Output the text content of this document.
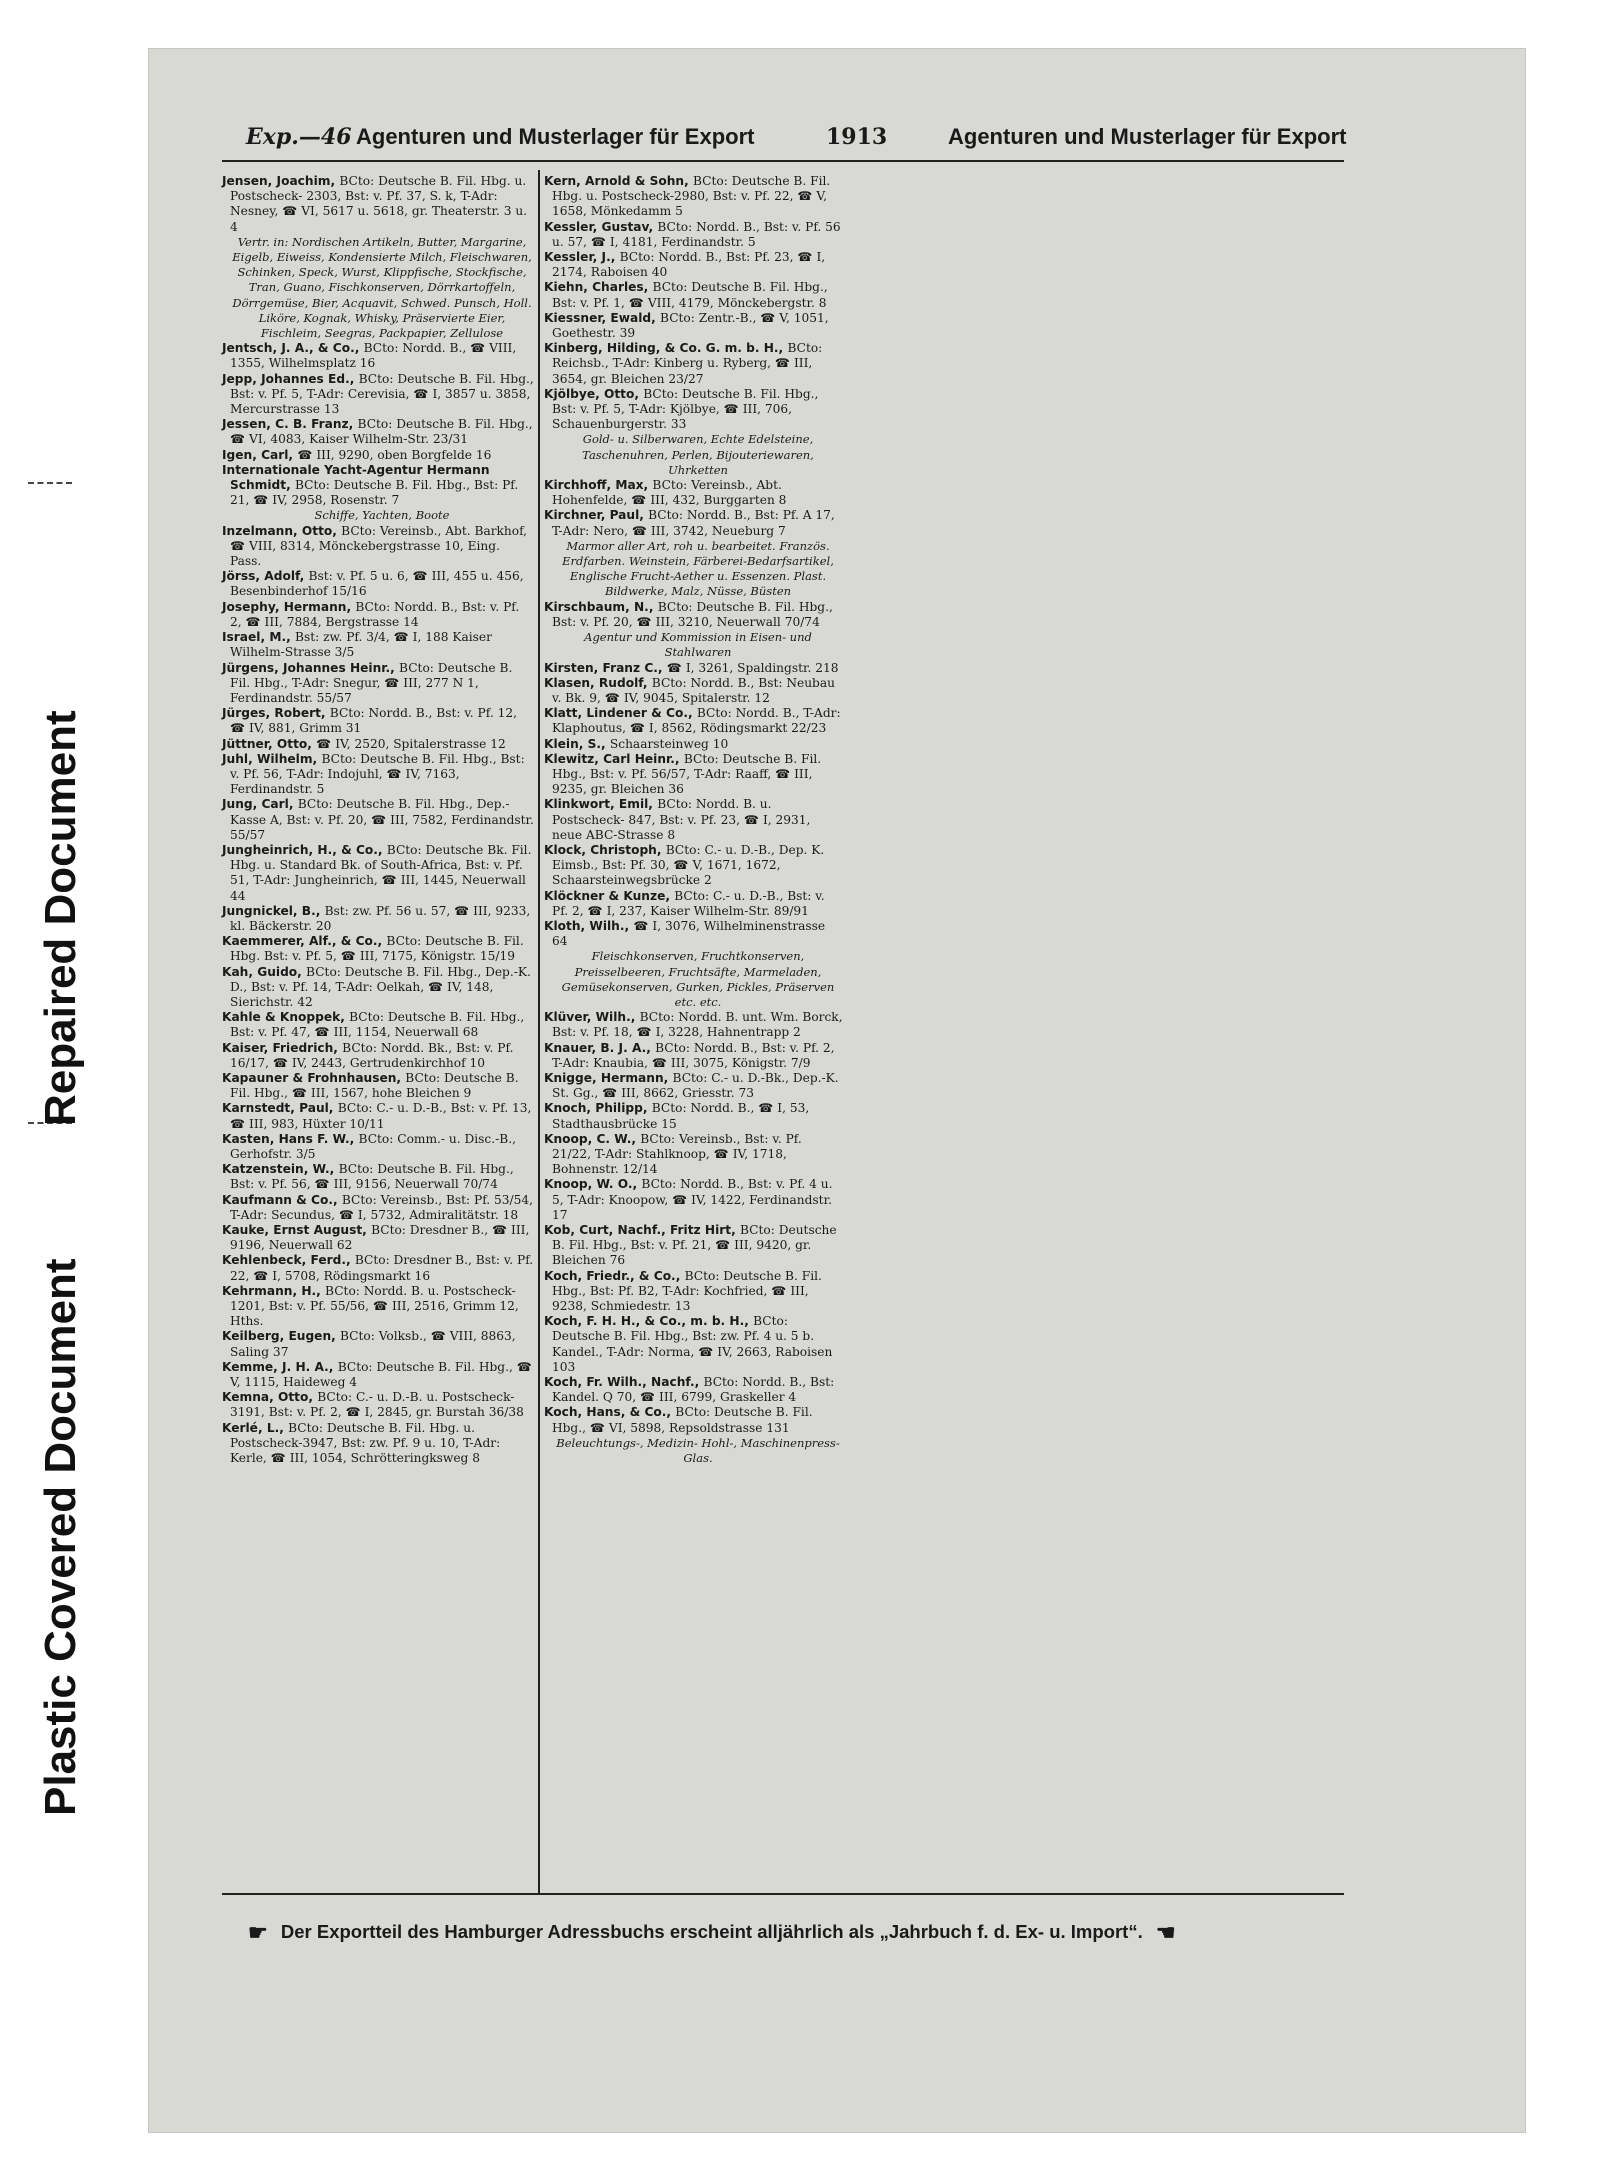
Repaired Document
Plastic Covered Document
Exp.—46 Agenturen und Musterlager für Export	1913	Agenturen und Musterlager für Export
Jensen, Joachim, BCto: Deutsche B. Fil. Hbg. u. Postscheck- 2303, Bst: v. Pf. 37, S. k, T-Adr: Nesney, ☎ VI, 5617 u. 5618, gr. Theaterstr. 3 u. 4
Vertr. in: Nordischen Artikeln, Butter, Margarine, Eigelb, Eiweiss, Kondensierte Milch, Fleischwaren, Schinken, Speck, Wurst, Klippfische, Stockfische, Tran, Guano, Fischkonserven, Dörrkartoffeln, Dörrgemüse, Bier, Acquavit, Schwed. Punsch, Holl. Liköre, Kognak, Whisky, Präservierte Eier, Fischleim, Seegras, Packpapier, Zellulose
Jentsch, J. A., & Co., BCto: Nordd. B., ☎ VIII, 1355, Wilhelmsplatz 16
Jepp, Johannes Ed., BCto: Deutsche B. Fil. Hbg., Bst: v. Pf. 5, T-Adr: Cerevisia, ☎ I, 3857 u. 3858, Mercurstrasse 13
Jessen, C. B. Franz, BCto: Deutsche B. Fil. Hbg., ☎ VI, 4083, Kaiser Wilhelm-Str. 23/31
Igen, Carl, ☎ III, 9290, oben Borgfelde 16
Internationale Yacht-Agentur Hermann Schmidt, BCto: Deutsche B. Fil. Hbg., Bst: Pf. 21, ☎ IV, 2958, Rosenstr. 7
Schiffe, Yachten, Boote
Inzelmann, Otto, BCto: Vereinsb., Abt. Barkhof, ☎ VIII, 8314, Mönckebergstrasse 10, Eing. Pass.
Jörss, Adolf, Bst: v. Pf. 5 u. 6, ☎ III, 455 u. 456, Besenbinderhof 15/16
Josephy, Hermann, BCto: Nordd. B., Bst: v. Pf. 2, ☎ III, 7884, Bergstrasse 14
Israel, M., Bst: zw. Pf. 3/4, ☎ I, 188 Kaiser Wilhelm-Strasse 3/5
Jürgens, Johannes Heinr., BCto: Deutsche B. Fil. Hbg., T-Adr: Snegur, ☎ III, 277 N 1, Ferdinandstr. 55/57
Jürges, Robert, BCto: Nordd. B., Bst: v. Pf. 12, ☎ IV, 881, Grimm 31
Jüttner, Otto, ☎ IV, 2520, Spitalerstrasse 12
Juhl, Wilhelm, BCto: Deutsche B. Fil. Hbg., Bst: v. Pf. 56, T-Adr: Indojuhl, ☎ IV, 7163, Ferdinandstr. 5
Jung, Carl, BCto: Deutsche B. Fil. Hbg., Dep.-Kasse A, Bst: v. Pf. 20, ☎ III, 7582, Ferdinandstr. 55/57
Jungheinrich, H., & Co., BCto: Deutsche Bk. Fil. Hbg. u. Standard Bk. of South-Africa, Bst: v. Pf. 51, T-Adr: Jungheinrich, ☎ III, 1445, Neuerwall 44
Jungnickel, B., Bst: zw. Pf. 56 u. 57, ☎ III, 9233, kl. Bäckerstr. 20
Kaemmerer, Alf., & Co., BCto: Deutsche B. Fil. Hbg. Bst: v. Pf. 5, ☎ III, 7175, Königstr. 15/19
Kah, Guido, BCto: Deutsche B. Fil. Hbg., Dep.-K. D., Bst: v. Pf. 14, T-Adr: Oelkah, ☎ IV, 148, Sierichstr. 42
Kahle & Knoppek, BCto: Deutsche B. Fil. Hbg., Bst: v. Pf. 47, ☎ III, 1154, Neuerwall 68
Kaiser, Friedrich, BCto: Nordd. Bk., Bst: v. Pf. 16/17, ☎ IV, 2443, Gertrudenkirchhof 10
Kapauner & Frohnhausen, BCto: Deutsche B. Fil. Hbg., ☎ III, 1567, hohe Bleichen 9
Karnstedt, Paul, BCto: C.- u. D.-B., Bst: v. Pf. 13, ☎ III, 983, Hüxter 10/11
Kasten, Hans F. W., BCto: Comm.- u. Disc.-B., Gerhofstr. 3/5
Katzenstein, W., BCto: Deutsche B. Fil. Hbg., Bst: v. Pf. 56, ☎ III, 9156, Neuerwall 70/74
Kaufmann & Co., BCto: Vereinsb., Bst: Pf. 53/54, T-Adr: Secundus, ☎ I, 5732, Admiralitätstr. 18
Kauke, Ernst August, BCto: Dresdner B., ☎ III, 9196, Neuerwall 62
Kehlenbeck, Ferd., BCto: Dresdner B., Bst: v. Pf. 22, ☎ I, 5708, Rödingsmarkt 16
Kehrmann, H., BCto: Nordd. B. u. Postscheck-1201, Bst: v. Pf. 55/56, ☎ III, 2516, Grimm 12, Hths.
Keilberg, Eugen, BCto: Volksb., ☎ VIII, 8863, Saling 37
Kemme, J. H. A., BCto: Deutsche B. Fil. Hbg., ☎ V, 1115, Haideweg 4
Kemna, Otto, BCto: C.- u. D.-B. u. Postscheck-3191, Bst: v. Pf. 2, ☎ I, 2845, gr. Burstah 36/38
Kerlé, L., BCto: Deutsche B. Fil. Hbg. u. Postscheck-3947, Bst: zw. Pf. 9 u. 10, T-Adr: Kerle, ☎ III, 1054, Schrötteringksweg 8
Kern, Arnold & Sohn, BCto: Deutsche B. Fil. Hbg. u. Postscheck-2980, Bst: v. Pf. 22, ☎ V, 1658, Mönkedamm 5
Kessler, Gustav, BCto: Nordd. B., Bst: v. Pf. 56 u. 57, ☎ I, 4181, Ferdinandstr. 5
Kessler, J., BCto: Nordd. B., Bst: Pf. 23, ☎ I, 2174, Raboisen 40
Kiehn, Charles, BCto: Deutsche B. Fil. Hbg., Bst: v. Pf. 1, ☎ VIII, 4179, Mönckebergstr. 8
Kiessner, Ewald, BCto: Zentr.-B., ☎ V, 1051, Goethestr. 39
Kinberg, Hilding, & Co. G. m. b. H., BCto: Reichsb., T-Adr: Kinberg u. Ryberg, ☎ III, 3654, gr. Bleichen 23/27
Kjölbye, Otto, BCto: Deutsche B. Fil. Hbg., Bst: v. Pf. 5, T-Adr: Kjölbye, ☎ III, 706, Schauenburgerstr. 33
Gold- u. Silberwaren, Echte Edelsteine, Taschenuhren, Perlen, Bijouteriewaren, Uhrketten
Kirchhoff, Max, BCto: Vereinsb., Abt. Hohenfelde, ☎ III, 432, Burggarten 8
Kirchner, Paul, BCto: Nordd. B., Bst: Pf. A 17, T-Adr: Nero, ☎ III, 3742, Neueburg 7
Marmor aller Art, roh u. bearbeitet. Französ. Erdfarben. Weinstein, Färberei-Bedarfsartikel, Englische Frucht-Aether u. Essenzen. Plast. Bildwerke, Malz, Nüsse, Büsten
Kirschbaum, N., BCto: Deutsche B. Fil. Hbg., Bst: v. Pf. 20, ☎ III, 3210, Neuerwall 70/74
Agentur und Kommission in Eisen- und Stahlwaren
Kirsten, Franz C., ☎ I, 3261, Spaldingstr. 218
Klasen, Rudolf, BCto: Nordd. B., Bst: Neubau v. Bk. 9, ☎ IV, 9045, Spitalerstr. 12
Klatt, Lindener & Co., BCto: Nordd. B., T-Adr: Klaphoutus, ☎ I, 8562, Rödingsmarkt 22/23
Klein, S., Schaarsteinweg 10
Klewitz, Carl Heinr., BCto: Deutsche B. Fil. Hbg., Bst: v. Pf. 56/57, T-Adr: Raaff, ☎ III, 9235, gr. Bleichen 36
Klinkwort, Emil, BCto: Nordd. B. u. Postscheck- 847, Bst: v. Pf. 23, ☎ I, 2931, neue ABC-Strasse 8
Klock, Christoph, BCto: C.- u. D.-B., Dep. K. Eimsb., Bst: Pf. 30, ☎ V, 1671, 1672, Schaarsteinwegsbrücke 2
Klöckner & Kunze, BCto: C.- u. D.-B., Bst: v. Pf. 2, ☎ I, 237, Kaiser Wilhelm-Str. 89/91
Kloth, Wilh., ☎ I, 3076, Wilhelminenstrasse 64
Fleischkonserven, Fruchtkonserven, Preisselbeeren, Fruchtsäfte, Marmeladen, Gemüsekonserven, Gurken, Pickles, Präserven etc. etc.
Klüver, Wilh., BCto: Nordd. B. unt. Wm. Borck, Bst: v. Pf. 18, ☎ I, 3228, Hahnentrapp 2
Knauer, B. J. A., BCto: Nordd. B., Bst: v. Pf. 2, T-Adr: Knaubia, ☎ III, 3075, Königstr. 7/9
Knigge, Hermann, BCto: C.- u. D.-Bk., Dep.-K. St. Gg., ☎ III, 8662, Griesstr. 73
Knoch, Philipp, BCto: Nordd. B., ☎ I, 53, Stadthausbrücke 15
Knoop, C. W., BCto: Vereinsb., Bst: v. Pf. 21/22, T-Adr: Stahlknoop, ☎ IV, 1718, Bohnenstr. 12/14
Knoop, W. O., BCto: Nordd. B., Bst: v. Pf. 4 u. 5, T-Adr: Knoopow, ☎ IV, 1422, Ferdinandstr. 17
Kob, Curt, Nachf., Fritz Hirt, BCto: Deutsche B. Fil. Hbg., Bst: v. Pf. 21, ☎ III, 9420, gr. Bleichen 76
Koch, Friedr., & Co., BCto: Deutsche B. Fil. Hbg., Bst: Pf. B2, T-Adr: Kochfried, ☎ III, 9238, Schmiedestr. 13
Koch, F. H. H., & Co., m. b. H., BCto: Deutsche B. Fil. Hbg., Bst: zw. Pf. 4 u. 5 b. Kandel., T-Adr: Norma, ☎ IV, 2663, Raboisen 103
Koch, Fr. Wilh., Nachf., BCto: Nordd. B., Bst: Kandel. Q 70, ☎ III, 6799, Graskeller 4
Koch, Hans, & Co., BCto: Deutsche B. Fil. Hbg., ☎ VI, 5898, Repsoldstrasse 131
Beleuchtungs-, Medizin- Hohl-, Maschinenpress-Glas.
☛ Der Exportteil des Hamburger Adressbuchs erscheint alljährlich als „Jahrbuch f. d. Ex- u. Import“. ☚
